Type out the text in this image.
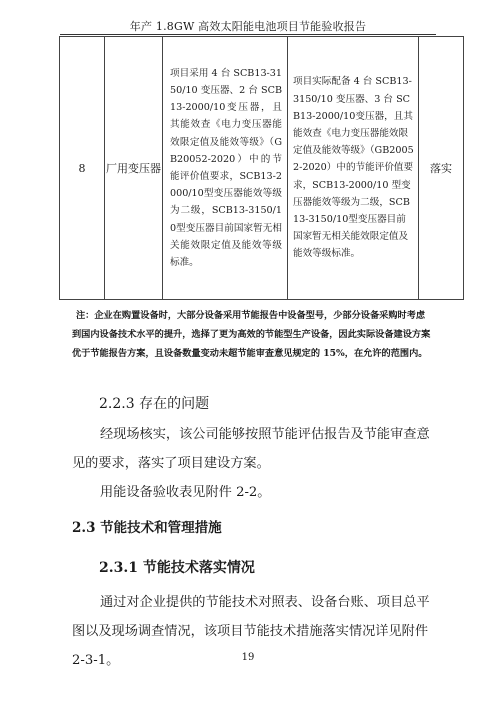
年产 1.8GW 高效太阳能电池项目节能验收报告
8	厂用变压器	项目采用 4 台 SCB13-3150/10 变压器、2 台 SCB13-2000/10变压器，且其能效查《电力变压器能效限定值及能效等级》（GB20052-2020）中的节能评价值要求，SCB13-2000/10型变压器能效等级为二级，SCB13-3150/10型变压器目前国家暂无相关能效限定值及能效等级标准。	项目实际配备 4 台 SCB13-3150/10 变压器、3 台 SCB13-2000/10变压器，且其能效查《电力变压器能效限定值及能效等级》（GB20052-2020）中的节能评价值要求，SCB13-2000/10 型变压器能效等级为二级，SCB13-3150/10型变压器目前国家暂无相关能效限定值及能效等级标准。	落实
注：企业在购置设备时，大部分设备采用节能报告中设备型号，少部分设备采购时考虑到国内设备技术水平的提升，选择了更为高效的节能型生产设备，因此实际设备建设方案优于节能报告方案，且设备数量变动未超节能审查意见规定的 15%，在允许的范围内。
2.2.3 存在的问题
经现场核实，该公司能够按照节能评估报告及节能审查意见的要求，落实了项目建设方案。
用能设备验收表见附件 2-2。
2.3 节能技术和管理措施
2.3.1 节能技术落实情况
通过对企业提供的节能技术对照表、设备台账、项目总平图以及现场调查情况，该项目节能技术措施落实情况详见附件 2-3-1。	19
